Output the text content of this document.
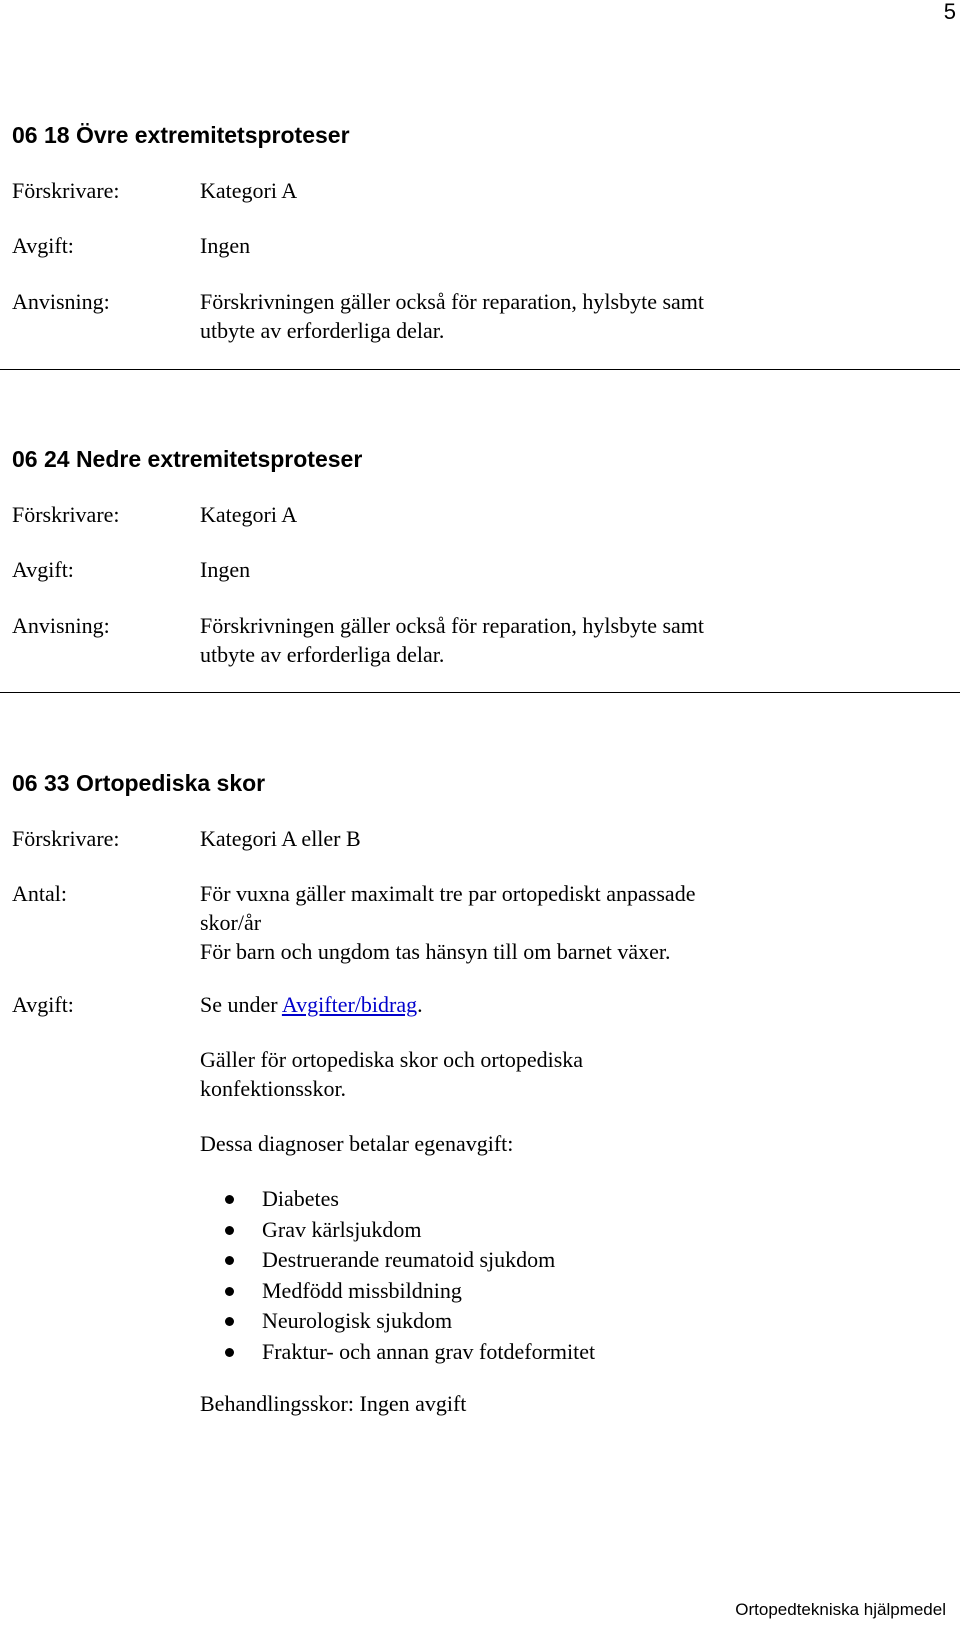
5
06 18 Övre extremitetsproteser
Förskrivare:	Kategori A
Avgift:	Ingen
Anvisning:	Förskrivningen gäller också för reparation, hylsbyte samt
utbyte av erforderliga delar.
06 24 Nedre extremitetsproteser
Förskrivare:	Kategori A
Avgift:	Ingen
Anvisning:	Förskrivningen gäller också för reparation, hylsbyte samt
utbyte av erforderliga delar.
06 33 Ortopediska skor
Förskrivare:	Kategori A eller B
Antal:	För vuxna gäller maximalt tre par ortopediskt anpassade
skor/år
För barn och ungdom tas hänsyn till om barnet växer.
Avgift:	Se under Avgifter/bidrag.
Gäller för ortopediska skor och ortopediska
konfektionsskor.
Dessa diagnoser betalar egenavgift:
Diabetes
Grav kärlsjukdom
Destruerande reumatoid sjukdom
Medfödd missbildning
Neurologisk sjukdom
Fraktur- och annan grav fotdeformitet
Behandlingsskor: Ingen avgift
Ortopedtekniska hjälpmedel
